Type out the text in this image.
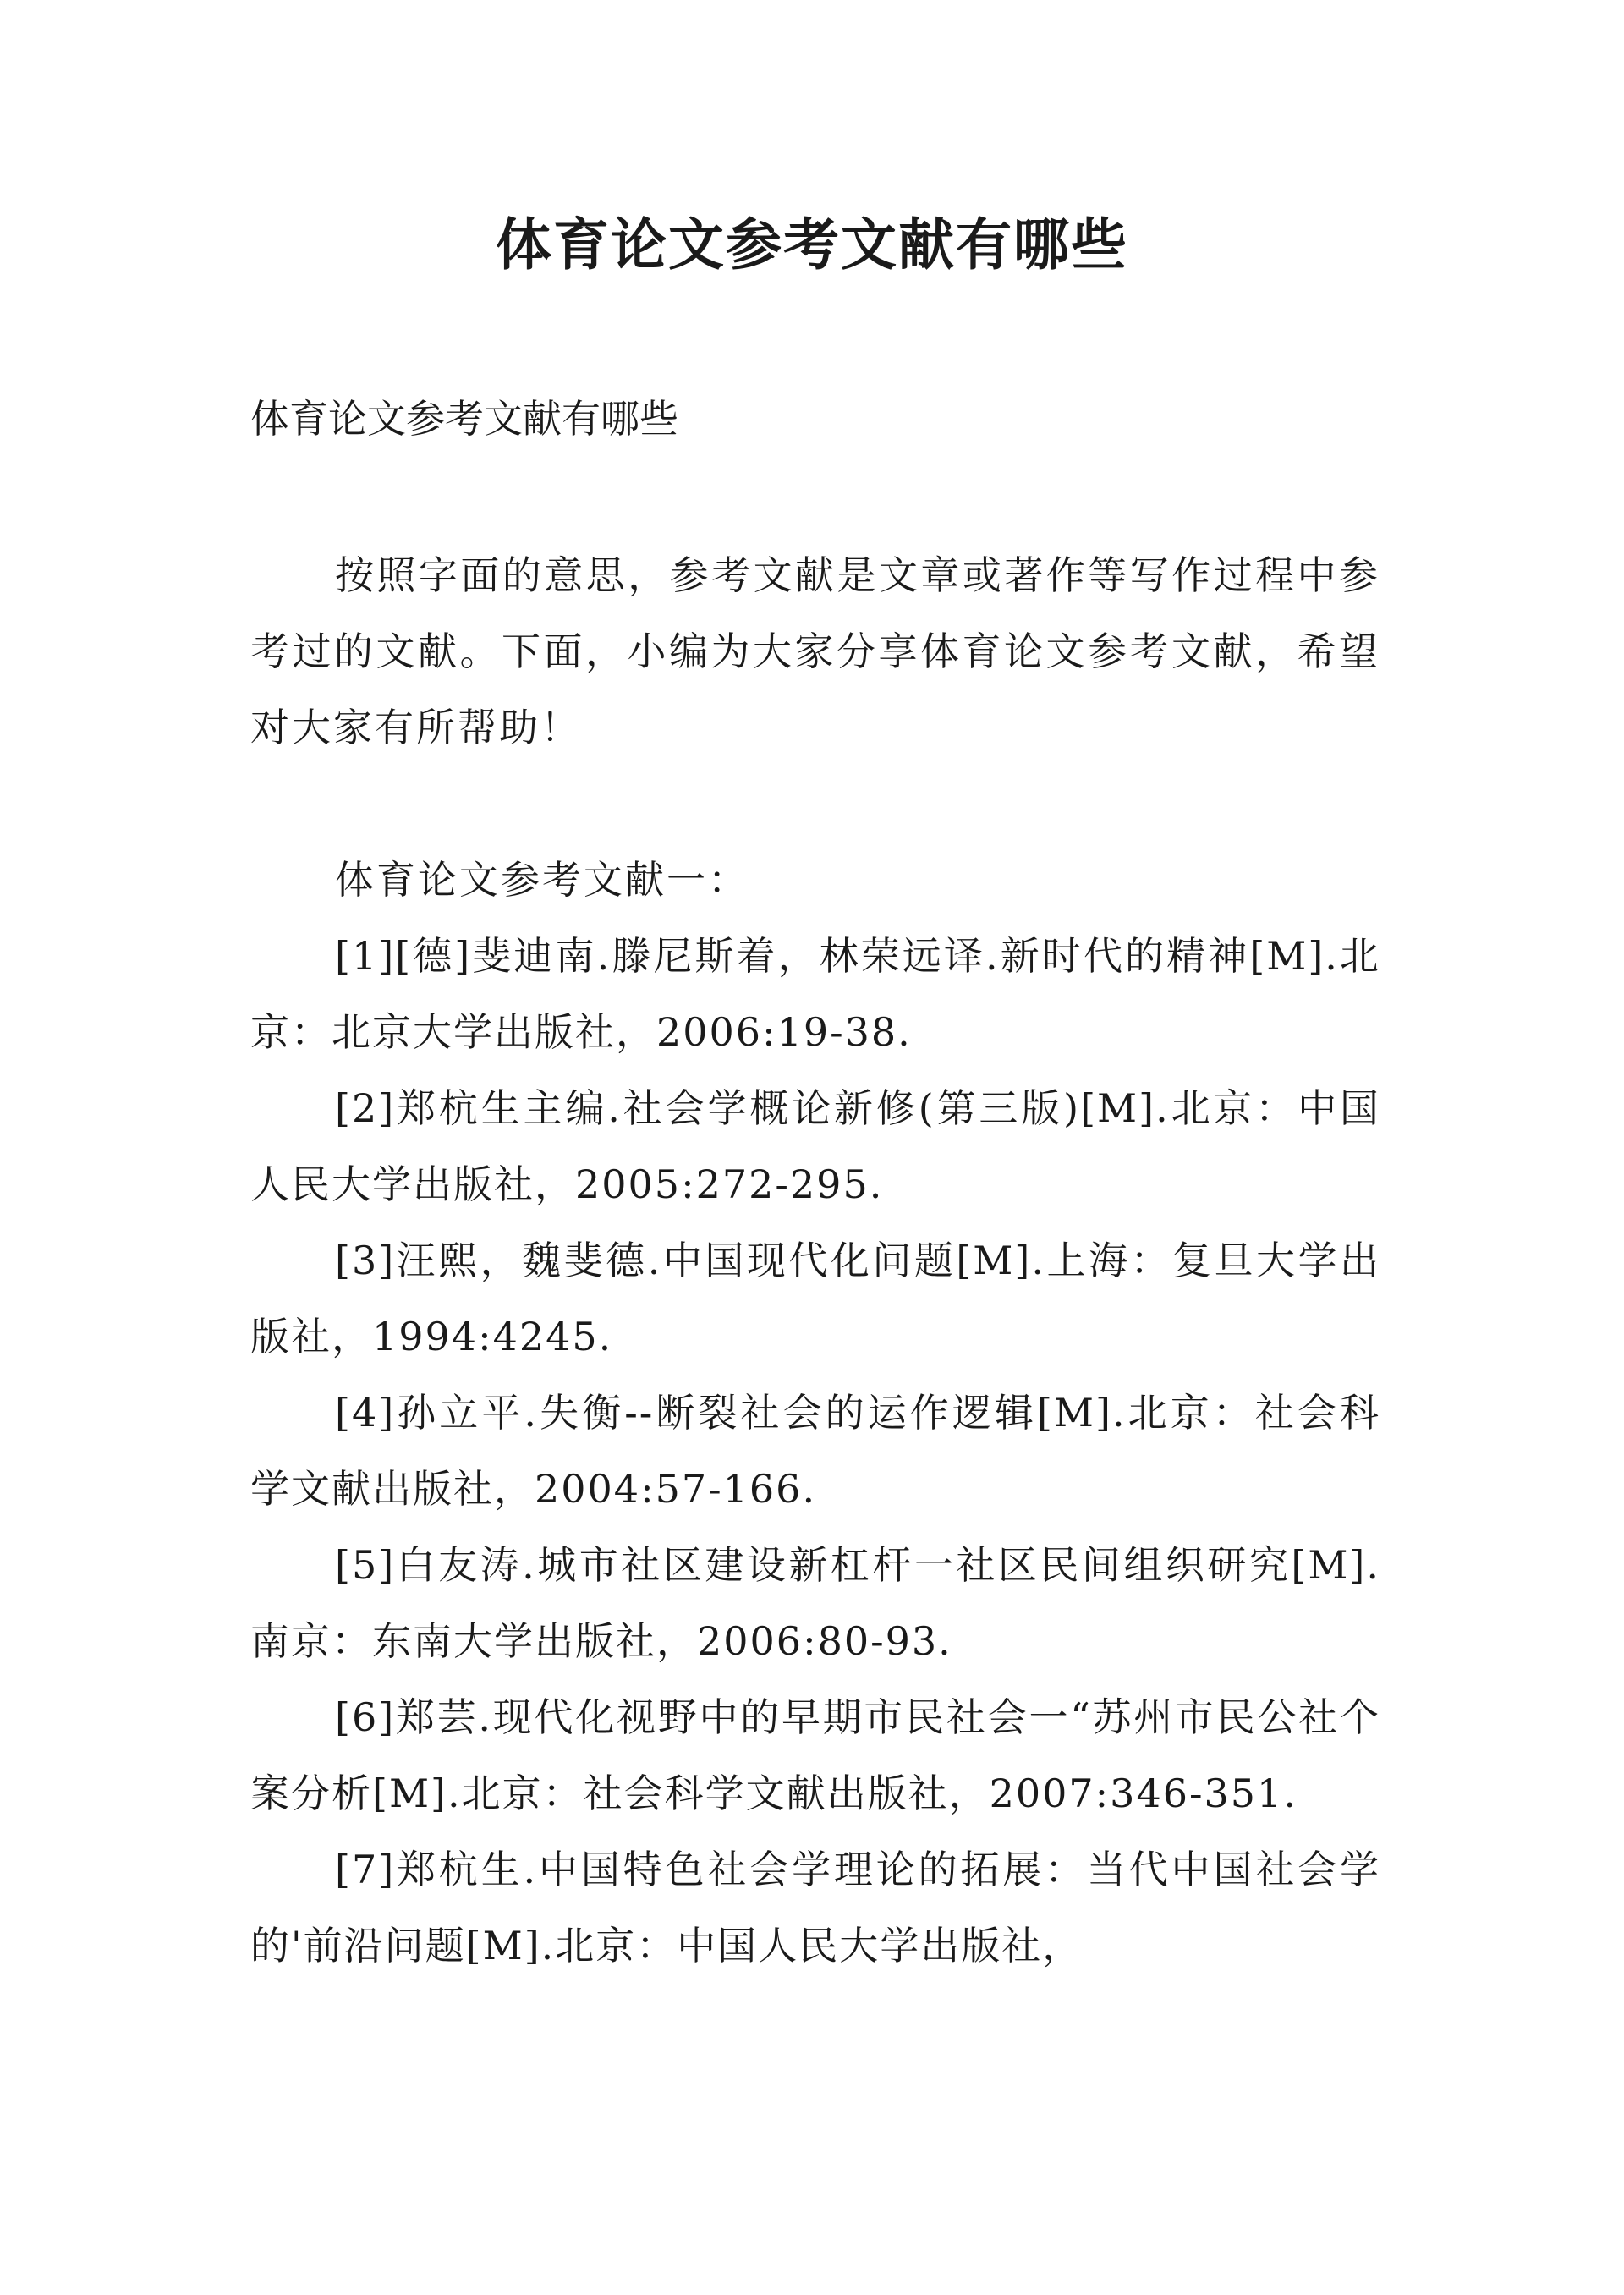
体育论文参考文献有哪些

体育论文参考文献有哪些

按照字面的意思，参考文献是文章或著作等写作过程中参考过的文献。下面，小编为大家分享体育论文参考文献，希望对大家有所帮助！

体育论文参考文献一：

[1][德]斐迪南.滕尼斯着，林荣远译.新时代的精神[M].北京：北京大学出版社，2006:19-38.
[2]郑杭生主编.社会学概论新修(第三版)[M].北京：中国人民大学出版社，2005:272-295.
[3]汪熙，魏斐德.中国现代化问题[M].上海：复旦大学出版社，1994:4245.
[4]孙立平.失衡--断裂社会的运作逻辑[M].北京：社会科学文献出版社，2004:57-166.
[5]白友涛.城市社区建设新杠杆一社区民间组织研究[M].南京：东南大学出版社，2006:80-93.
[6]郑芸.现代化视野中的早期市民社会一“苏州市民公社个案分析[M].北京：社会科学文献出版社，2007:346-351.
[7]郑杭生.中国特色社会学理论的拓展：当代中国社会学的'前沿问题[M].北京：中国人民大学出版社，
